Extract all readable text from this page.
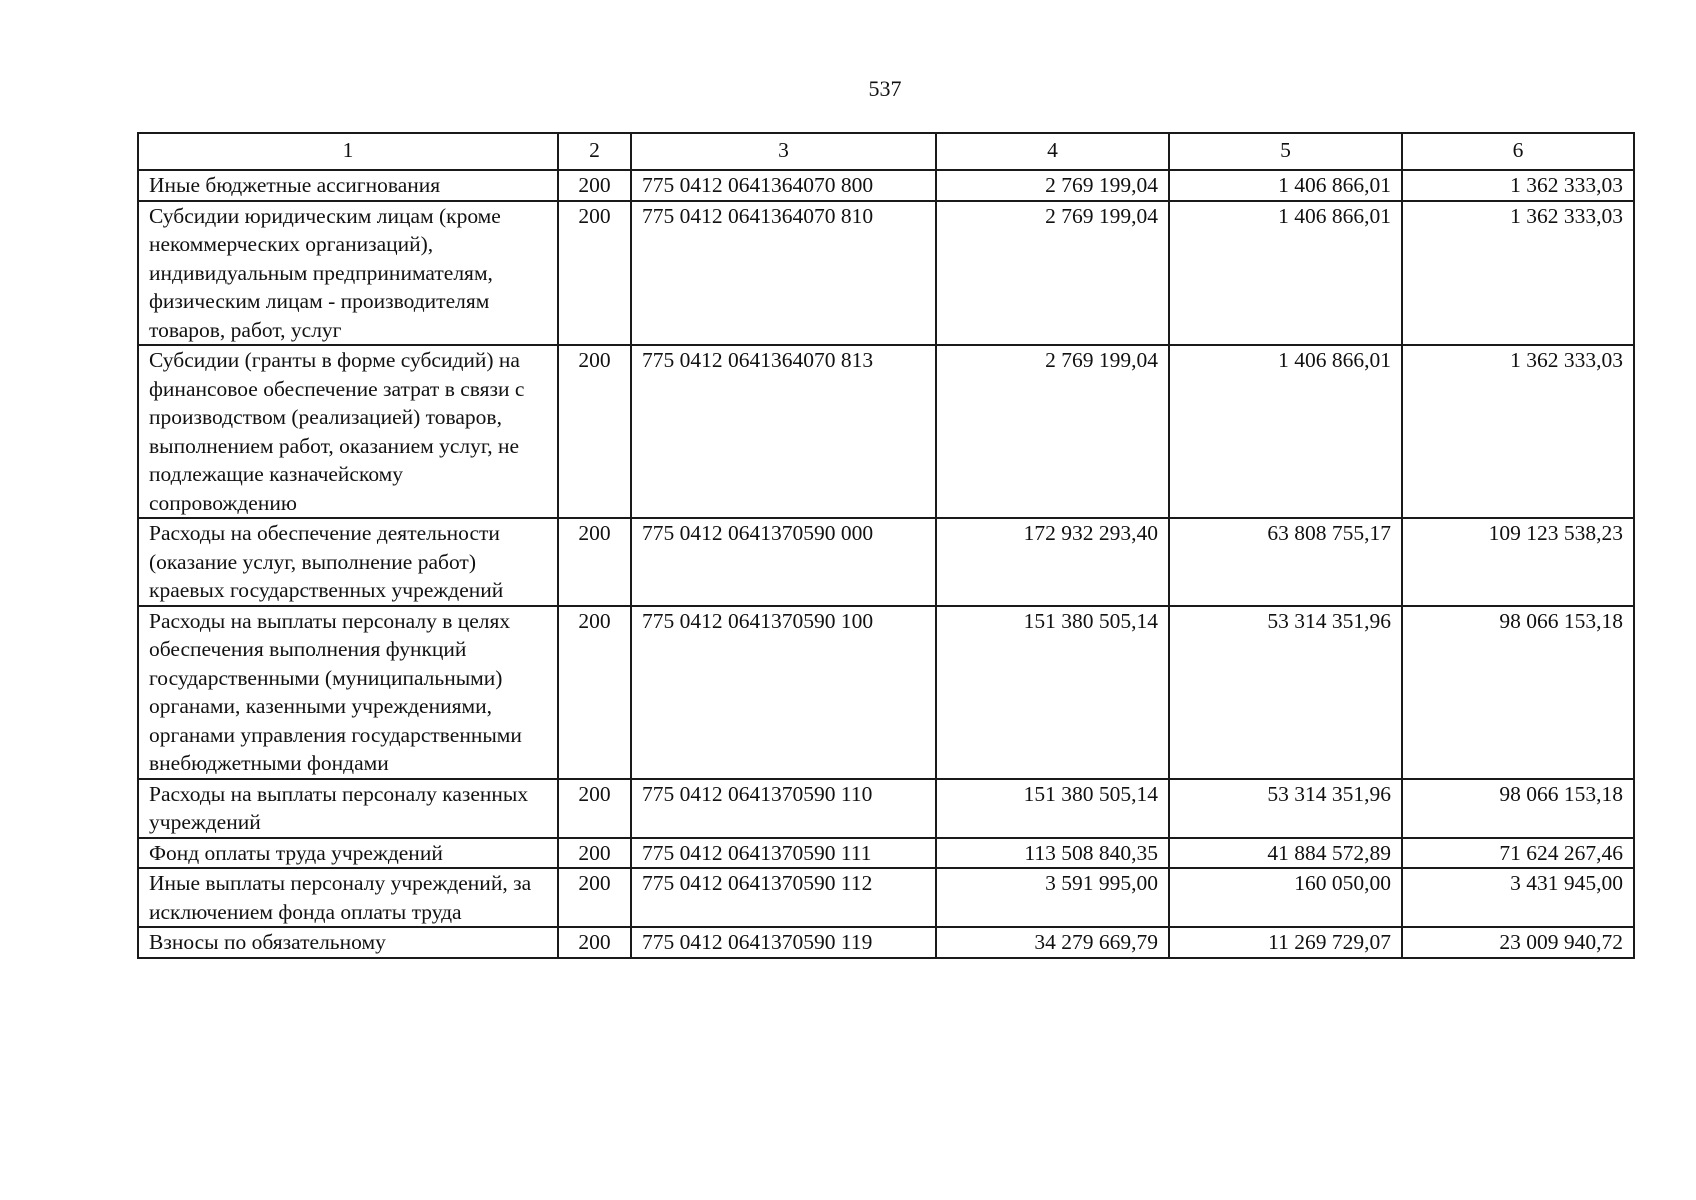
537
1	2	3	4	5	6
Иные бюджетные ассигнования	200	775 0412 0641364070 800	2 769 199,04	1 406 866,01	1 362 333,03
Субсидии юридическим лицам (кроме некоммерческих организаций), индивидуальным предпринимателям, физическим лицам - производителям товаров, работ, услуг	200	775 0412 0641364070 810	2 769 199,04	1 406 866,01	1 362 333,03
Субсидии (гранты в форме субсидий) на финансовое обеспечение затрат в связи с производством (реализацией) товаров, выполнением работ, оказанием услуг, не подлежащие казначейскому сопровождению	200	775 0412 0641364070 813	2 769 199,04	1 406 866,01	1 362 333,03
Расходы на обеспечение деятельности (оказание услуг, выполнение работ) краевых государственных учреждений	200	775 0412 0641370590 000	172 932 293,40	63 808 755,17	109 123 538,23
Расходы на выплаты персоналу в целях обеспечения выполнения функций государственными (муниципальными) органами, казенными учреждениями, органами управления государственными внебюджетными фондами	200	775 0412 0641370590 100	151 380 505,14	53 314 351,96	98 066 153,18
Расходы на выплаты персоналу казенных учреждений	200	775 0412 0641370590 110	151 380 505,14	53 314 351,96	98 066 153,18
Фонд оплаты труда учреждений	200	775 0412 0641370590 111	113 508 840,35	41 884 572,89	71 624 267,46
Иные выплаты персоналу учреждений, за исключением фонда оплаты труда	200	775 0412 0641370590 112	3 591 995,00	160 050,00	3 431 945,00
Взносы по обязательному	200	775 0412 0641370590 119	34 279 669,79	11 269 729,07	23 009 940,72
